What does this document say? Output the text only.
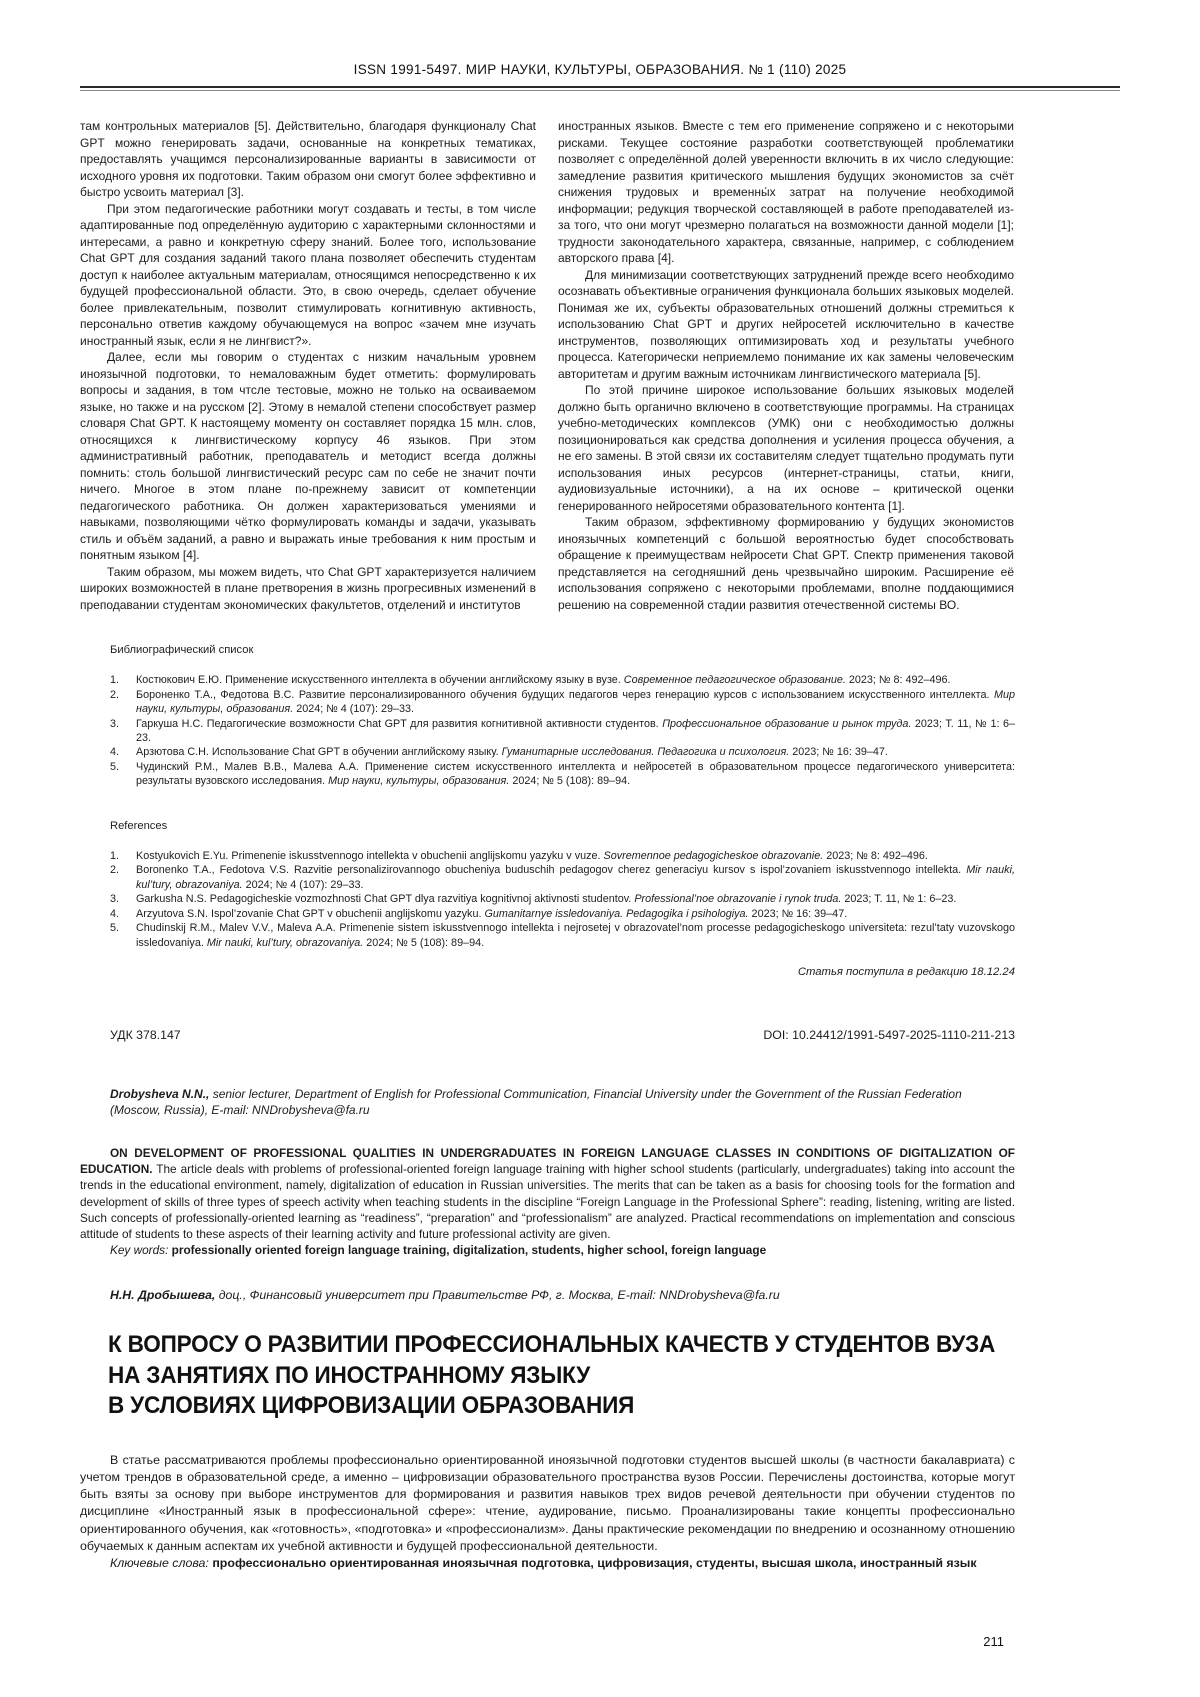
ISSN 1991-5497. МИР НАУКИ, КУЛЬТУРЫ, ОБРАЗОВАНИЯ. № 1 (110) 2025

там контрольных материалов [5]. Действительно, благодаря функционалу Chat GPT можно генерировать задачи, основанные на конкретных тематиках, предоставлять учащимся персонализированные варианты в зависимости от исходного уровня их подготовки. Таким образом они смогут более эффективно и быстро усвоить материал [3].

При этом педагогические работники могут создавать и тесты, в том числе адаптированные под определённую аудиторию с характерными склонностями и интересами, а равно и конкретную сферу знаний. Более того, использование Chat GPT для создания заданий такого плана позволяет обеспечить студентам доступ к наиболее актуальным материалам, относящимся непосредственно к их будущей профессиональной области. Это, в свою очередь, сделает обучение более привлекательным, позволит стимулировать когнитивную активность, персонально ответив каждому обучающемуся на вопрос «зачем мне изучать иностранный язык, если я не лингвист?».

Далее, если мы говорим о студентах с низким начальным уровнем иноязычной подготовки, то немаловажным будет отметить: формулировать вопросы и задания, в том чтсле тестовые, можно не только на осваиваемом языке, но также и на русском [2]. Этому в немалой степени способствует размер словаря Chat GPT. К настоящему моменту он составляет порядка 15 млн. слов, относящихся к лингвистическому корпусу 46 языков. При этом административный работник, преподаватель и методист всегда должны помнить: столь большой лингвистический ресурс сам по себе не значит почти ничего. Многое в этом плане по-прежнему зависит от компетенции педагогического работника. Он должен характеризоваться умениями и навыками, позволяющими чётко формулировать команды и задачи, указывать стиль и объём заданий, а равно и выражать иные требования к ним простым и понятным языком [4].

Таким образом, мы можем видеть, что Chat GPT характеризуется наличием широких возможностей в плане претворения в жизнь прогресивных изменений в преподавании студентам экономических факультетов, отделений и институтов

иностранных языков. Вместе с тем его применение сопряжено и с некоторыми рисками. Текущее состояние разработки соответствующей проблематики позволяет с определённой долей уверенности включить в их число следующие: замедление развития критического мышления будущих экономистов за счёт снижения трудовых и временны́х затрат на получение необходимой информации; редукция творческой составляющей в работе преподавателей из-за того, что они могут чрезмерно полагаться на возможности данной модели [1]; трудности законодательного характера, связанные, например, с соблюдением авторского права [4].

Для минимизации соответствующих затруднений прежде всего необходимо осознавать объективные ограничения функционала больших языковых моделей. Понимая же их, субъекты образовательных отношений должны стремиться к использованию Chat GPT и других нейросетей исключительно в качестве инструментов, позволяющих оптимизировать ход и результаты учебного процесса. Категорически неприемлемо понимание их как замены человеческим авторитетам и другим важным источникам лингвистического материала [5].

По этой причине широкое использование больших языковых моделей должно быть органично включено в соответствующие программы. На страницах учебно-методических комплексов (УМК) они с необходимостью должны позиционироваться как средства дополнения и усиления процесса обучения, а не его замены. В этой связи их составителям следует тщательно продумать пути использования иных ресурсов (интернет-страницы, статьи, книги, аудиовизуальные источники), а на их основе – критической оценки генерированного нейросетями образовательного контента [1].

Таким образом, эффективному формированию у будущих экономистов иноязычных компетенций с большой вероятностью будет способствовать обращение к преимуществам нейросети Chat GPT. Спектр применения таковой представляется на сегодняшний день чрезвычайно широким. Расширение её использования сопряжено с некоторыми проблемами, вполне поддающимися решению на современной стадии развития отечественной системы ВО.

Библиографический список
1.	Костюкович Е.Ю. Применение искусственного интеллекта в обучении английскому языку в вузе. Современное педагогическое образование. 2023; № 8: 492–496.
2.	Бороненко Т.А., Федотова В.С. Развитие персонализированного обучения будущих педагогов через генерацию курсов с использованием искусственного интеллекта. Мир науки, культуры, образования. 2024; № 4 (107): 29–33.
3.	Гаркуша Н.С. Педагогические возможности Chat GPT для развития когнитивной активности студентов. Профессиональное образование и рынок труда. 2023; Т. 11, № 1: 6–23.
4.	Арзютова С.Н. Использование Chat GPT в обучении английскому языку. Гуманитарные исследования. Педагогика и психология. 2023; № 16: 39–47.
5.	Чудинский Р.М., Малев В.В., Малева А.А. Применение систем искусственного интеллекта и нейросетей в образовательном процессе педагогического университета: результаты вузовского исследования. Мир науки, культуры, образования. 2024; № 5 (108): 89–94.
References
1.	Kostyukovich E.Yu. Primenenie iskusstvennogo intellekta v obuchenii anglijskomu yazyku v vuze. Sovremennoe pedagogicheskoe obrazovanie. 2023; № 8: 492–496.
2.	Boronenko T.A., Fedotova V.S. Razvitie personalizirovannogo obucheniya buduschih pedagogov cherez generaciyu kursov s ispol’zovaniem iskusstvennogo intellekta. Mir nauki, kul’tury, obrazovaniya. 2024; № 4 (107): 29–33.
3.	Garkusha N.S. Pedagogicheskie vozmozhnosti Chat GPT dlya razvitiya kognitivnoj aktivnosti studentov. Professional’noe obrazovanie i rynok truda. 2023; T. 11, № 1: 6–23.
4.	Arzyutova S.N. Ispol’zovanie Chat GPT v obuchenii anglijskomu yazyku. Gumanitarnye issledovaniya. Pedagogika i psihologiya. 2023; № 16: 39–47.
5.	Chudinskij R.M., Malev V.V., Maleva A.A. Primenenie sistem iskusstvennogo intellekta i nejrosetej v obrazovatel’nom processe pedagogicheskogo universiteta: rezul’taty vuzovskogo issledovaniya. Mir nauki, kul’tury, obrazovaniya. 2024; № 5 (108): 89–94.
Статья поступила в редакцию 18.12.24
УДК 378.147	DOI: 10.24412/1991-5497-2025-1110-211-213
Drobysheva N.N., senior lecturer, Department of English for Professional Communication, Financial University under the Government of the Russian Federation (Moscow, Russia), E-mail: NNDrobysheva@fa.ru

ON DEVELOPMENT OF PROFESSIONAL QUALITIES IN UNDERGRADUATES IN FOREIGN LANGUAGE CLASSES IN CONDITIONS OF DIGITALIZATION OF EDUCATION. The article deals with problems of professional-oriented foreign language training with higher school students (particularly, undergraduates) taking into account the trends in the educational environment, namely, digitalization of education in Russian universities. The merits that can be taken as a basis for choosing tools for the formation and development of skills of three types of speech activity when teaching students in the discipline “Foreign Language in the Professional Sphere”: reading, listening, writing are listed. Such concepts of professionally-oriented learning as “readiness”, “preparation” and “professionalism” are analyzed. Practical recommendations on implementation and conscious attitude of students to these aspects of their learning activity and future professional activity are given.

Key words: professionally oriented foreign language training, digitalization, students, higher school, foreign language

Н.Н. Дробышева, доц., Финансовый университет при Правительстве РФ, г. Москва, E-mail: NNDrobysheva@fa.ru
К ВОПРОСУ О РАЗВИТИИ ПРОФЕССИОНАЛЬНЫХ КАЧЕСТВ У СТУДЕНТОВ ВУЗА
НА ЗАНЯТИЯХ ПО ИНОСТРАННОМУ ЯЗЫКУ
В УСЛОВИЯХ ЦИФРОВИЗАЦИИ ОБРАЗОВАНИЯ

В статье рассматриваются проблемы профессионально ориентированной иноязычной подготовки студентов высшей школы (в частности бакалавриата) с учетом трендов в образовательной среде, а именно – цифровизации образовательного пространства вузов России. Перечислены достоинства, которые могут быть взяты за основу при выборе инструментов для формирования и развития навыков трех видов речевой деятельности при обучении студентов по дисциплине «Иностранный язык в профессиональной сфере»: чтение, аудирование, письмо. Проанализированы такие концепты профессионально ориентированного обучения, как «готовность», «подготовка» и «профессионализм». Даны практические рекомендации по внедрению и осознанному отношению обучаемых к данным аспектам их учебной активности и будущей профессиональной деятельности.

Ключевые слова: профессионально ориентированная иноязычная подготовка, цифровизация, студенты, высшая школа, иностранный язык

211
